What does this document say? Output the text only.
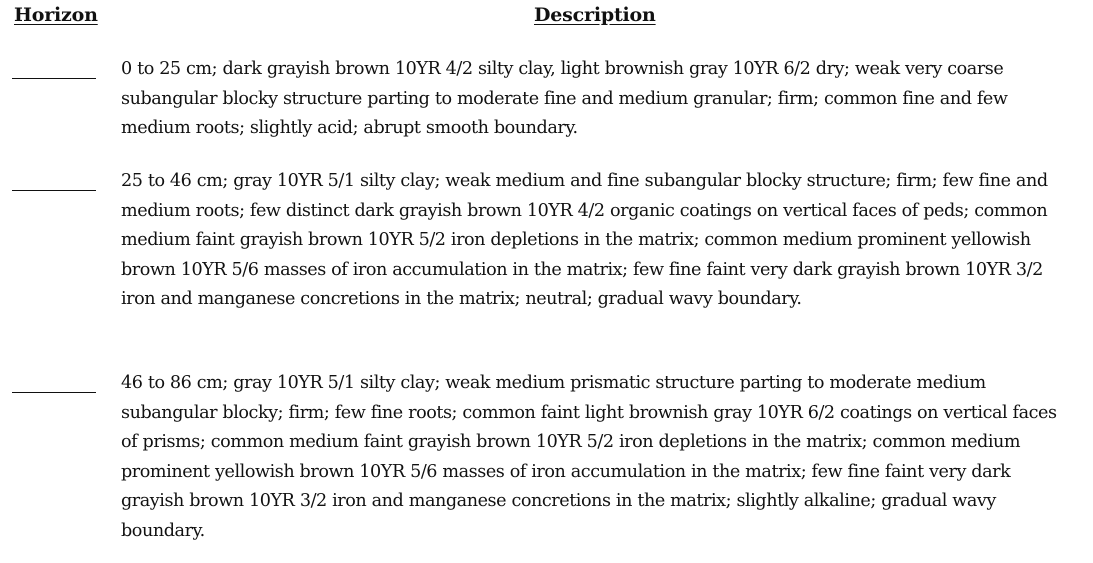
Horizon	Description
0 to 25 cm; dark grayish brown 10YR 4/2 silty clay, light brownish gray 10YR 6/2 dry; weak very coarse subangular blocky structure parting to moderate fine and medium granular; firm; common fine and few medium roots; slightly acid; abrupt smooth boundary.
25 to 46 cm; gray 10YR 5/1 silty clay; weak medium and fine subangular blocky structure; firm; few fine and medium roots; few distinct dark grayish brown 10YR 4/2 organic coatings on vertical faces of peds; common medium faint grayish brown 10YR 5/2 iron depletions in the matrix; common medium prominent yellowish brown 10YR 5/6 masses of iron accumulation in the matrix; few fine faint very dark grayish brown 10YR 3/2 iron and manganese concretions in the matrix; neutral; gradual wavy boundary.
46 to 86 cm; gray 10YR 5/1 silty clay; weak medium prismatic structure parting to moderate medium subangular blocky; firm; few fine roots; common faint light brownish gray 10YR 6/2 coatings on vertical faces of prisms; common medium faint grayish brown 10YR 5/2 iron depletions in the matrix; common medium prominent yellowish brown 10YR 5/6 masses of iron accumulation in the matrix; few fine faint very dark grayish brown 10YR 3/2 iron and manganese concretions in the matrix; slightly alkaline; gradual wavy boundary.
